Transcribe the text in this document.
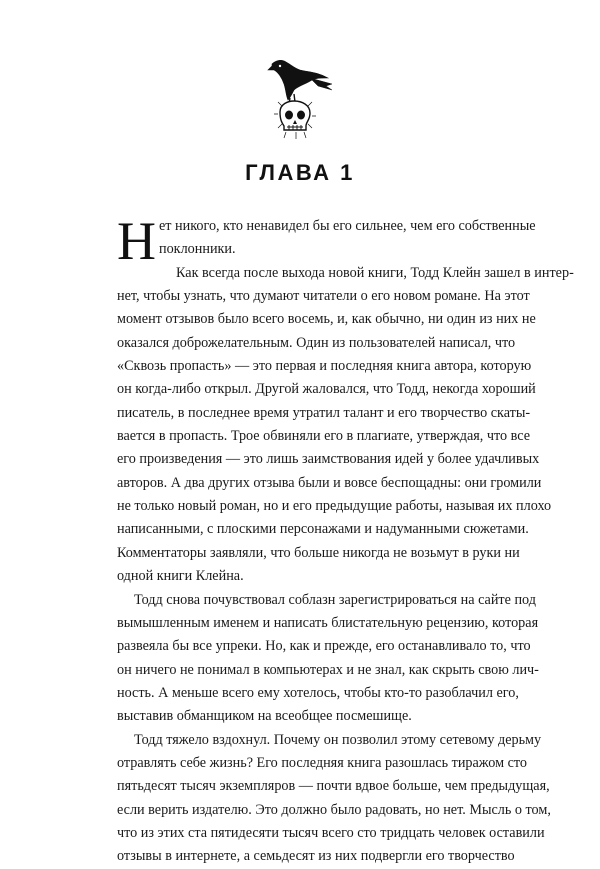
ГЛАВА 1

Н ет никого, кто ненавидел бы его сильнее, чем его собственные
поклонники.

Как всегда после выхода новой книги, Тодд Клейн зашел в интер-
нет, чтобы узнать, что думают читатели о его новом романе. На этот
момент отзывов было всего восемь, и, как обычно, ни один из них не
оказался доброжелательным. Один из пользователей написал, что
«Сквозь пропасть» — это первая и последняя книга автора, которую
он когда-либо открыл. Другой жаловался, что Тодд, некогда хороший
писатель, в последнее время утратил талант и его творчество скаты-
вается в пропасть. Трое обвиняли его в плагиате, утверждая, что все
его произведения — это лишь заимствования идей у более удачливых
авторов. А два других отзыва были и вовсе беспощадны: они громили
не только новый роман, но и его предыдущие работы, называя их плохо
написанными, с плоскими персонажами и надуманными сюжетами.
Комментаторы заявляли, что больше никогда не возьмут в руки ни
одной книги Клейна.

Тодд снова почувствовал соблазн зарегистрироваться на сайте под
вымышленным именем и написать блистательную рецензию, которая
развеяла бы все упреки. Но, как и прежде, его останавливало то, что
он ничего не понимал в компьютерах и не знал, как скрыть свою лич-
ность. А меньше всего ему хотелось, чтобы кто-то разоблачил его,
выставив обманщиком на всеобщее посмешище.

Тодд тяжело вздохнул. Почему он позволил этому сетевому дерьму
отравлять себе жизнь? Его последняя книга разошлась тиражом сто
пятьдесят тысяч экземпляров — почти вдвое больше, чем предыдущая,
если верить издателю. Это должно было радовать, но нет. Мысль о том,
что из этих ста пятидесяти тысяч всего сто тридцать человек оставили
отзывы в интернете, а семьдесят из них подвергли его творчество
